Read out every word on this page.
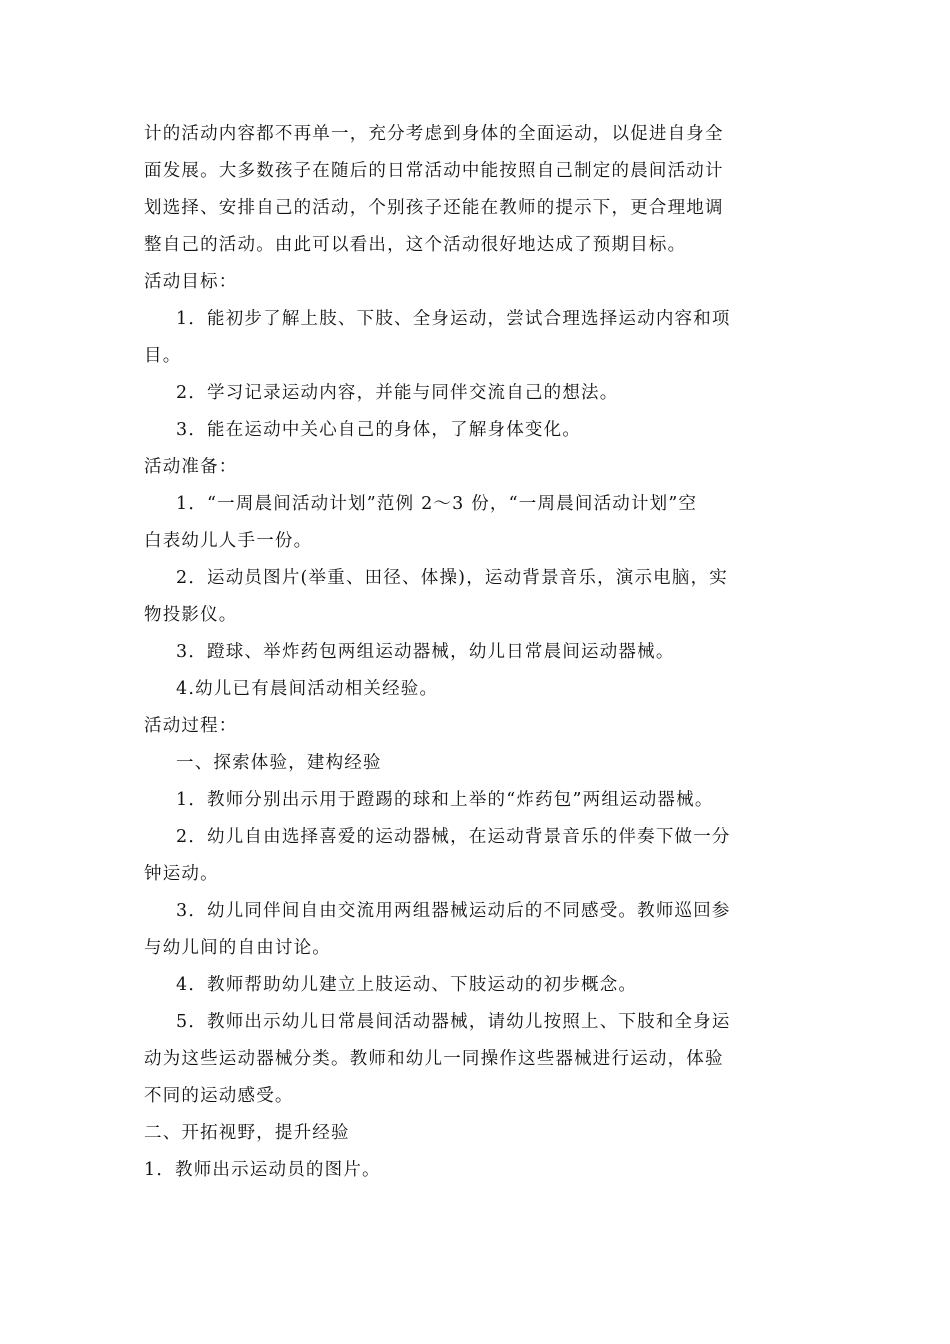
计的活动内容都不再单一，充分考虑到身体的全面运动，以促进自身全
面发展。大多数孩子在随后的日常活动中能按照自己制定的晨间活动计
划选择、安排自己的活动，个别孩子还能在教师的提示下，更合理地调
整自己的活动。由此可以看出，这个活动很好地达成了预期目标。
活动目标：
1．能初步了解上肢、下肢、全身运动，尝试合理选择运动内容和项
目。
2．学习记录运动内容，并能与同伴交流自己的想法。
3．能在运动中关心自己的身体，了解身体变化。
活动准备：
1．“一周晨间活动计划”范例 2～3 份，“一周晨间活动计划”空
白表幼儿人手一份。
2．运动员图片(举重、田径、体操)，运动背景音乐，演示电脑，实
物投影仪。
3．蹬球、举炸药包两组运动器械，幼儿日常晨间运动器械。
4.幼儿已有晨间活动相关经验。
活动过程：
一、探索体验，建构经验
1．教师分别出示用于蹬踢的球和上举的“炸药包”两组运动器械。
2．幼儿自由选择喜爱的运动器械，在运动背景音乐的伴奏下做一分
钟运动。
3．幼儿同伴间自由交流用两组器械运动后的不同感受。教师巡回参
与幼儿间的自由讨论。
4．教师帮助幼儿建立上肢运动、下肢运动的初步概念。
5．教师出示幼儿日常晨间活动器械，请幼儿按照上、下肢和全身运
动为这些运动器械分类。教师和幼儿一同操作这些器械进行运动，体验
不同的运动感受。
二、开拓视野，提升经验
1．教师出示运动员的图片。
